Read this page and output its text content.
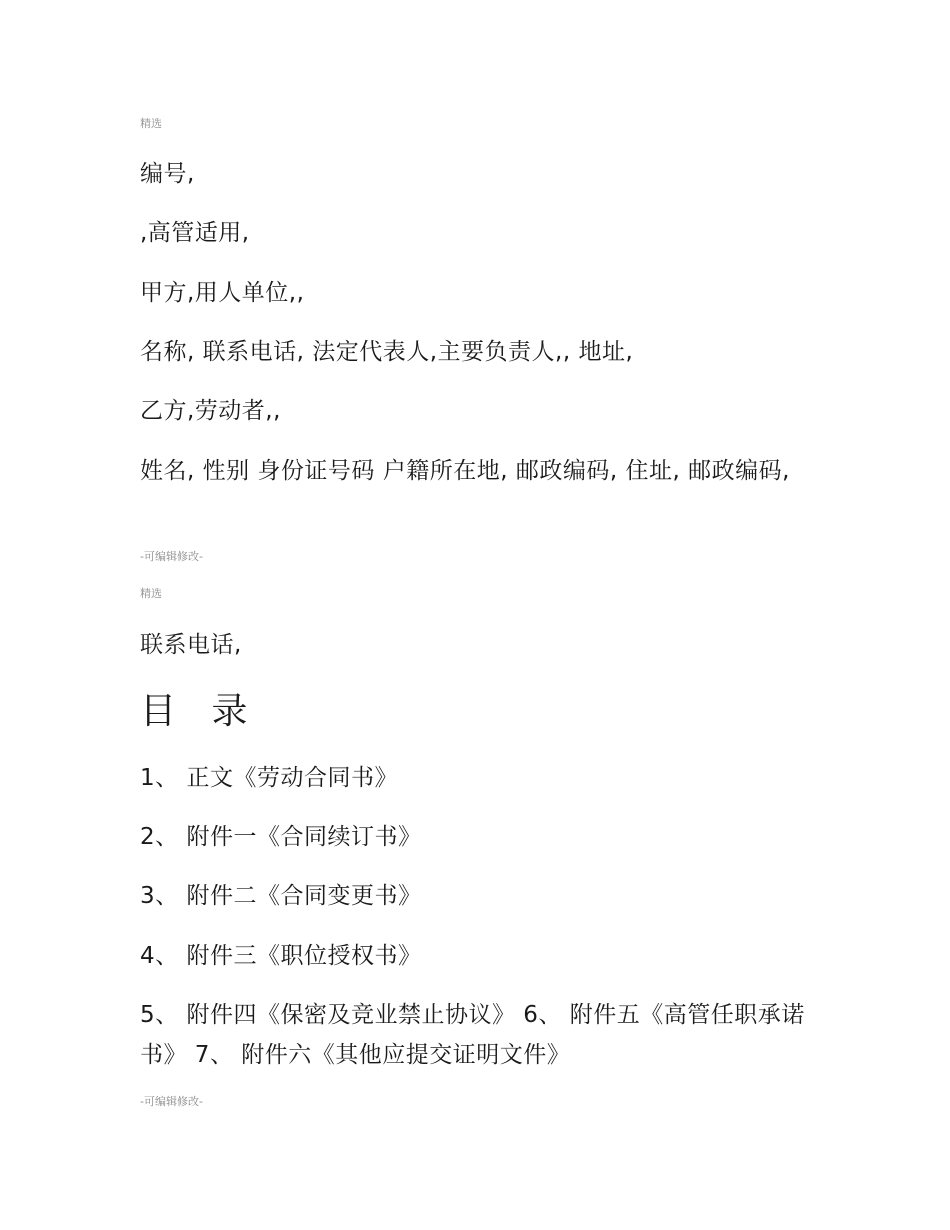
精选
编号,
,高管适用,
甲方,用人单位,,
名称, 联系电话, 法定代表人,主要负责人,, 地址,
乙方,劳动者,,
姓名, 性别 身份证号码 户籍所在地, 邮政编码, 住址, 邮政编码,
-可编辑修改-
精选
联系电话,
目 录
1、 正文《劳动合同书》
2、 附件一《合同续订书》
3、 附件二《合同变更书》
4、 附件三《职位授权书》
5、 附件四《保密及竞业禁止协议》 6、 附件五《高管任职承诺书》 7、 附件六《其他应提交证明文件》
-可编辑修改-
